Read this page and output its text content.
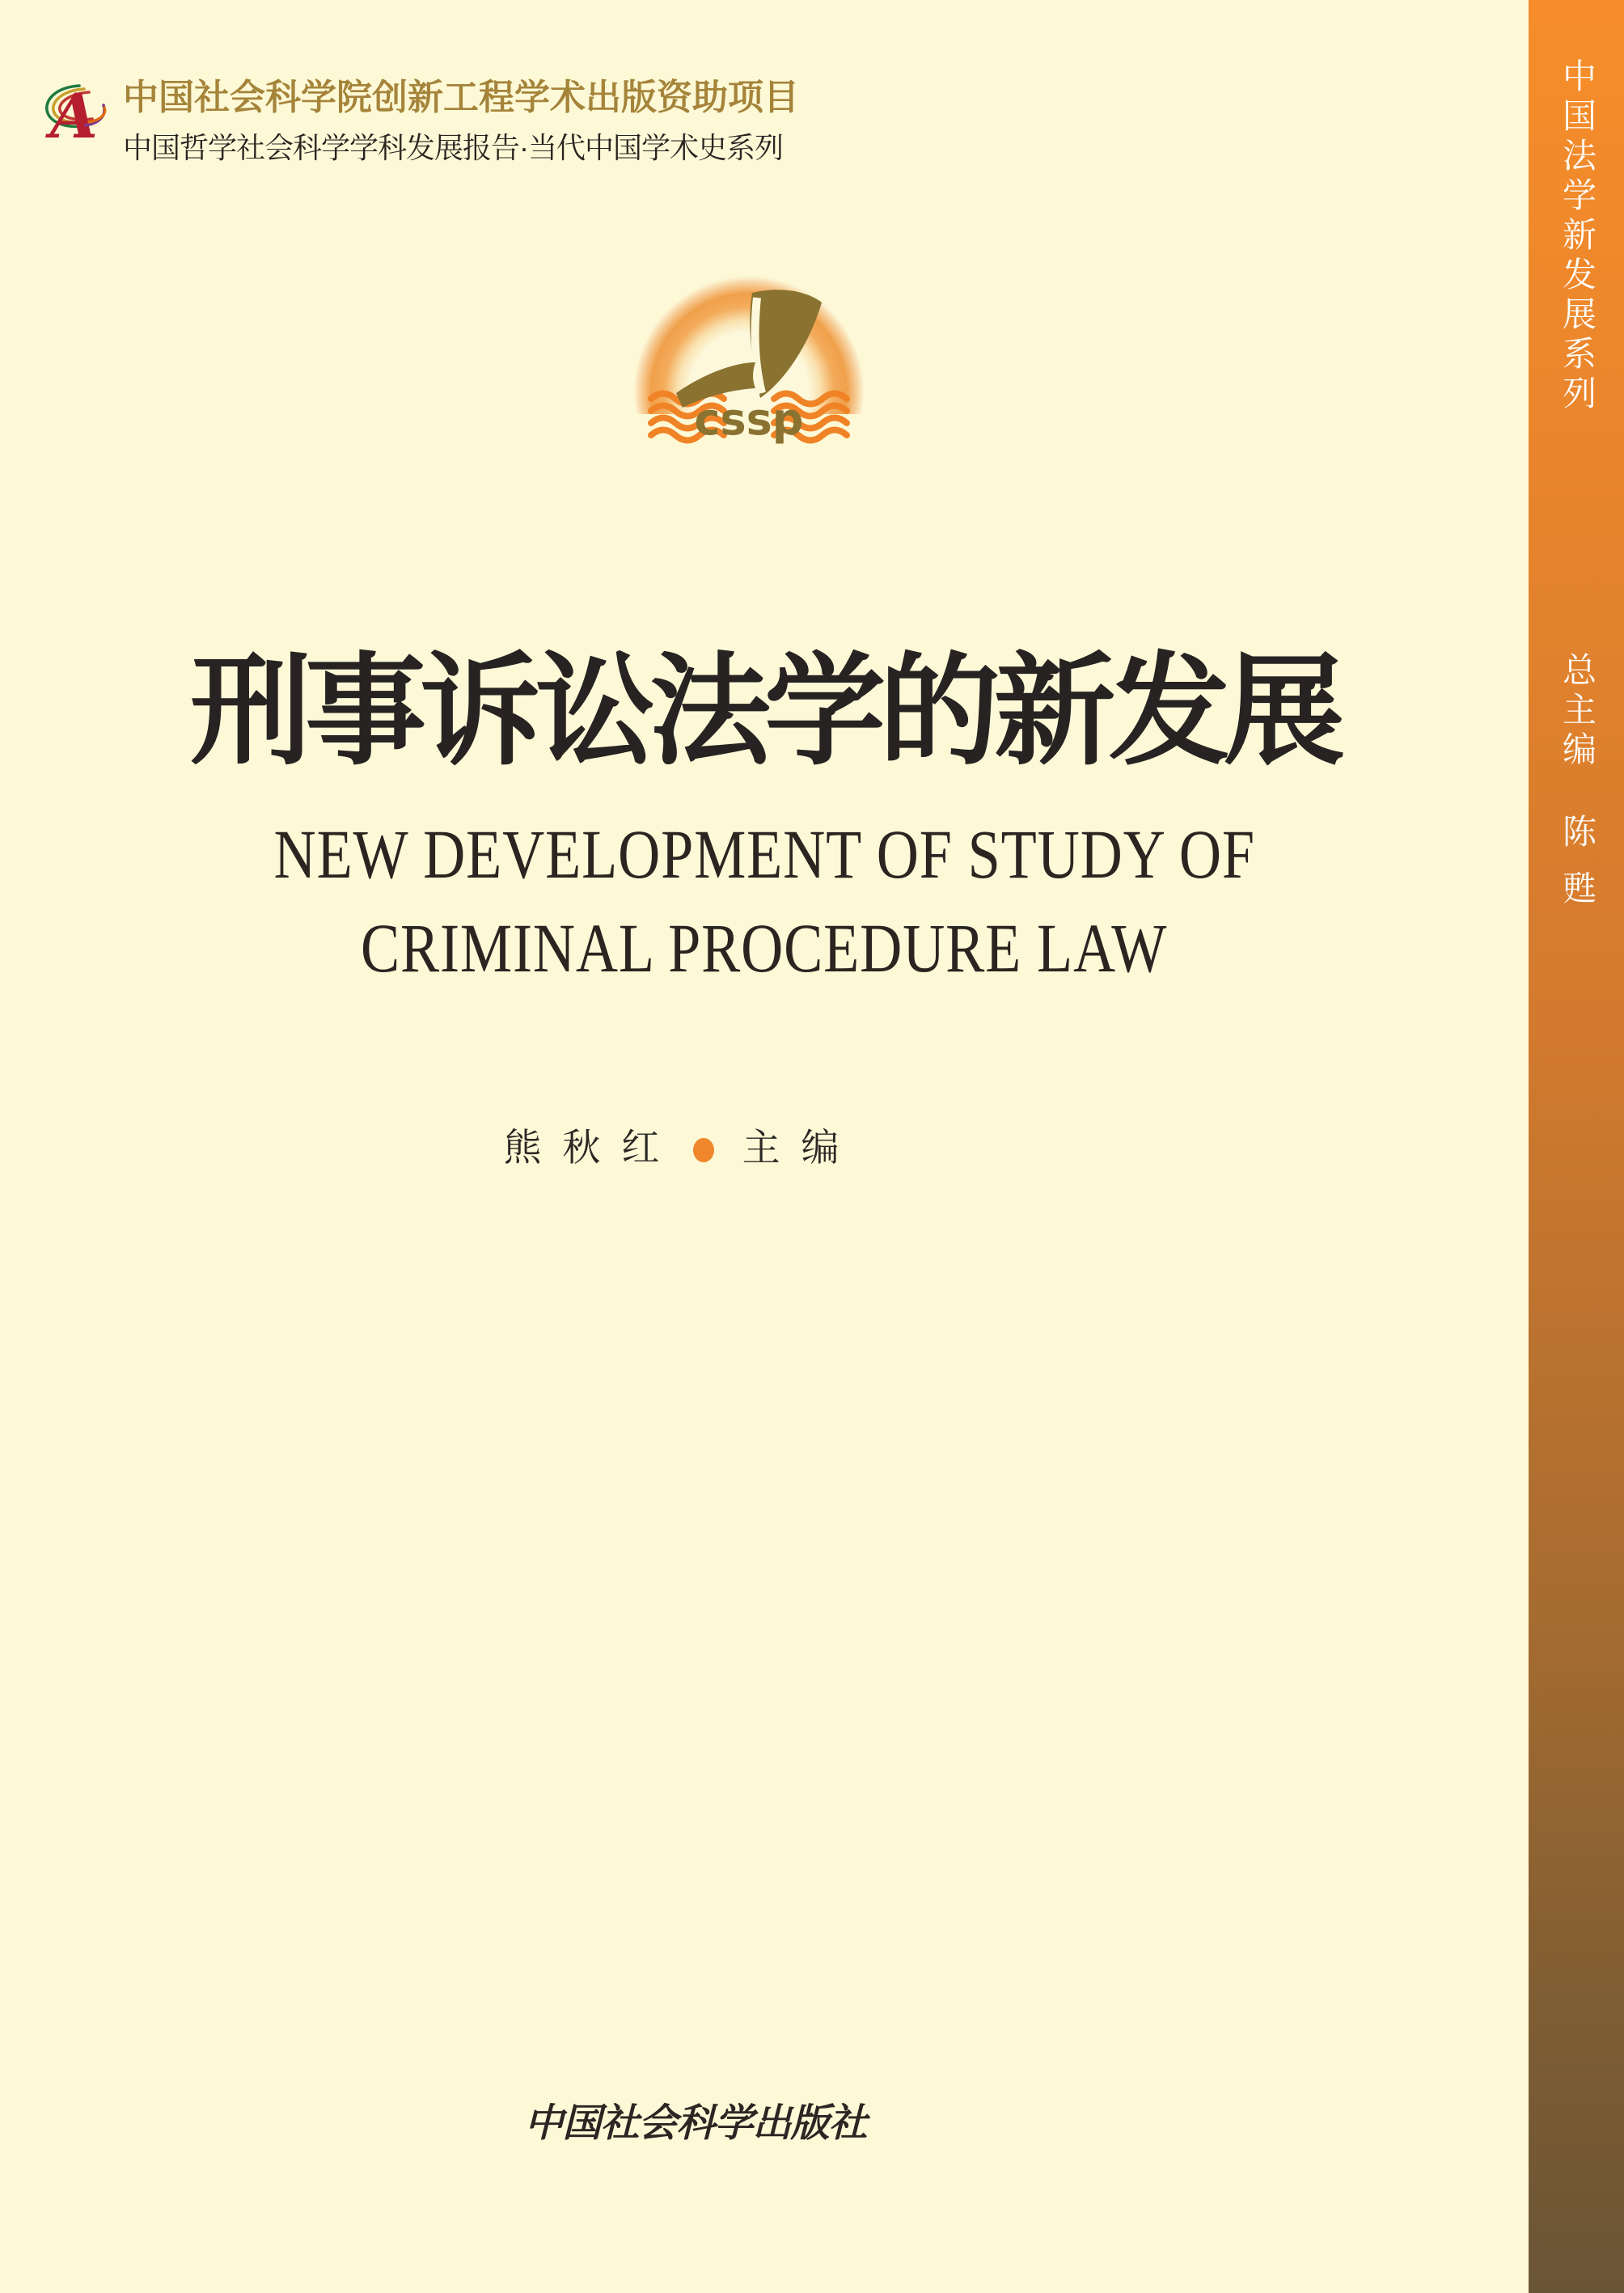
A 中国社会科学院创新工程学术出版资助项目
中国哲学社会科学学科发展报告·当代中国学术史系列
cssp
刑事诉讼法学的新发展
NEW DEVELOPMENT OF STUDY OF
CRIMINAL PROCEDURE LAW
熊秋红 主编
中国社会科学出版社
中国法学新发展系列
总主编
陈甦
